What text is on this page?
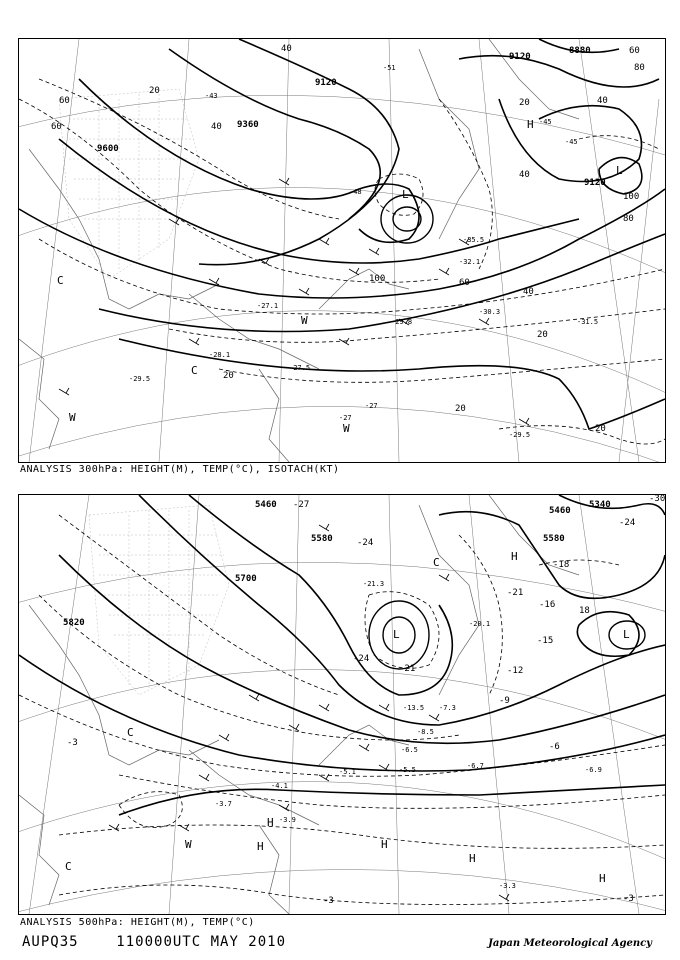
9600
9360
9120
9120
9120
8880
60
60
40
40
20
20	40
60
80
100
100
80
60
40
40
20
20
20
20
-27.1
-31.5
-29.5
-30.3
-32.1
-35.5
-29.8
-27.5
-28.1
-29.5
-45
-45
-43
-48
-51
-27
-27
H
L
L
C
C
W
W
W
ANALYSIS 300hPa: HEIGHT(M), TEMP(°C), ISOTACH(KT)
5460
5580
5700
5820
5460
5580
5340
-27
-24
-21
-18
-16
-15
-12
-9
-6
-3
-3	-3
-24
-21
18
-30
-24
-21.3
-20.1
-13.5
-8.5
-6.7
-5.5
-6.5
-7.3
-6.9
-3.3
-3.7
-3.9
-4.1
-5.1
H
H	H
H
H
H
L
L
C
C
C
W
ANALYSIS 500hPa: HEIGHT(M), TEMP(°C)
AUPQ35	110000UTC MAY 2010	Japan Meteorological Agency
